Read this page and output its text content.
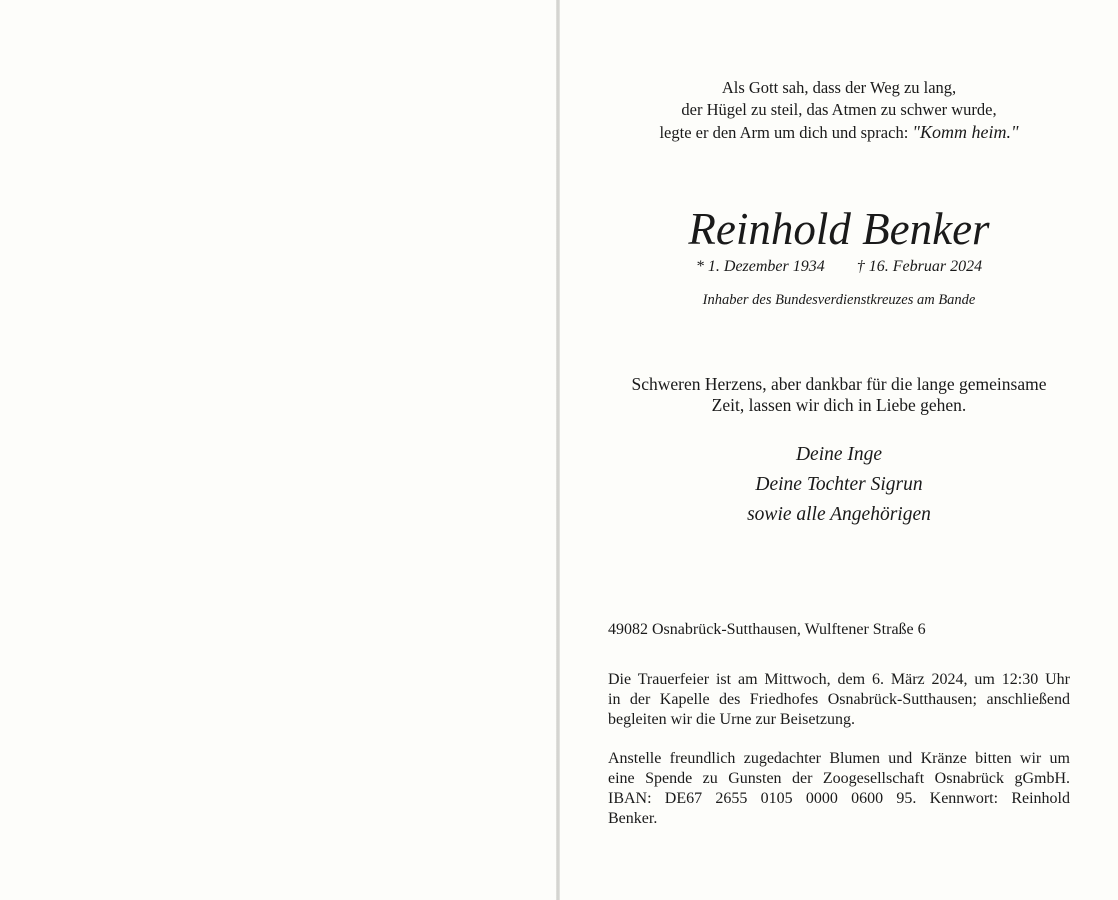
Als Gott sah, dass der Weg zu lang,
der Hügel zu steil, das Atmen zu schwer wurde,
legte er den Arm um dich und sprach: "Komm heim."
Reinhold Benker
* 1. Dezember 1934 † 16. Februar 2024
Inhaber des Bundesverdienstkreuzes am Bande
Schweren Herzens, aber dankbar für die lange gemeinsame
Zeit, lassen wir dich in Liebe gehen.
Deine Inge
Deine Tochter Sigrun
sowie alle Angehörigen
49082 Osnabrück-Sutthausen, Wulftener Straße 6
Die Trauerfeier ist am Mittwoch, dem 6. März 2024, um 12:30 Uhr
in der Kapelle des Friedhofes Osnabrück-Sutthausen; anschließend
begleiten wir die Urne zur Beisetzung.
Anstelle freundlich zugedachter Blumen und Kränze bitten wir um
eine Spende zu Gunsten der Zoogesellschaft Osnabrück gGmbH.
IBAN: DE67 2655 0105 0000 0600 95. Kennwort: Reinhold
Benker.
